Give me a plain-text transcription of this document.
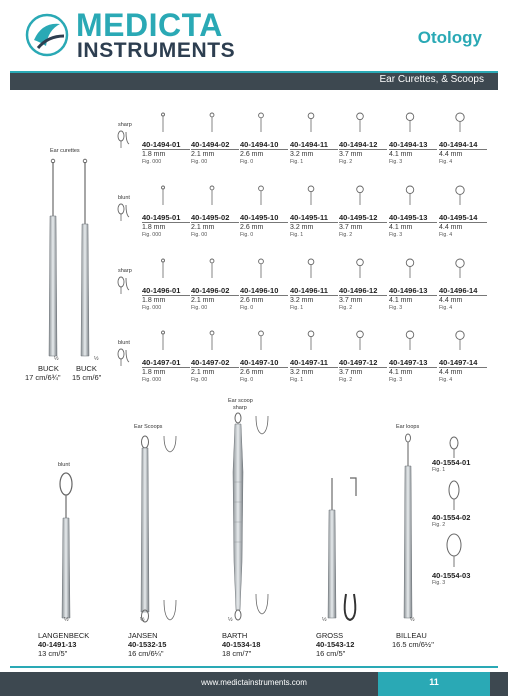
MEDICTA
INSTRUMENTS
Otology
Ear Curettes, & Scoops
Ear curettes
½	½
BUCK
17 cm/6¾"
BUCK
15 cm/6"
sharp
40-1494-01
1.8 mm
Fig. 000
40-1494-02
2.1 mm
Fig. 00
40-1494-10
2.6 mm
Fig. 0
40-1494-11
3.2 mm
Fig. 1
40-1494-12
3.7 mm
Fig. 2
40-1494-13
4.1 mm
Fig. 3
40-1494-14
4.4 mm
Fig. 4
blunt
40-1495-01
1.8 mm
Fig. 000
40-1495-02
2.1 mm
Fig. 00
40-1495-10
2.6 mm
Fig. 0
40-1495-11
3.2 mm
Fig. 1
40-1495-12
3.7 mm
Fig. 2
40-1495-13
4.1 mm
Fig. 3
40-1495-14
4.4 mm
Fig. 4
sharp
40-1496-01
1.8 mm
Fig. 000
40-1496-02
2.1 mm
Fig. 00
40-1496-10
2.6 mm
Fig. 0
40-1496-11
3.2 mm
Fig. 1
40-1496-12
3.7 mm
Fig. 2
40-1496-13
4.1 mm
Fig. 3
40-1496-14
4.4 mm
Fig. 4
blunt
40-1497-01
1.8 mm
Fig. 000
40-1497-02
2.1 mm
Fig. 00
40-1497-10
2.6 mm
Fig. 0
40-1497-11
3.2 mm
Fig. 1
40-1497-12
3.7 mm
Fig. 2
40-1497-13
4.1 mm
Fig. 3
40-1497-14
4.4 mm
Fig. 4
blunt
½
LANGENBECK
40-1491-13
13 cm/5"
Ear Scoops
½
JANSEN
40-1532-15
16 cm/6¼"
Ear scoop
sharp
½
BARTH
40-1534-18
18 cm/7"
½
GROSS
40-1543-12
16 cm/5"
Ear loops
½
BILLEAU
16.5 cm/6½"
40-1554-01
Fig. 1
40-1554-02
Fig. 2
40-1554-03
Fig. 3
www.medictainstruments.com	11
